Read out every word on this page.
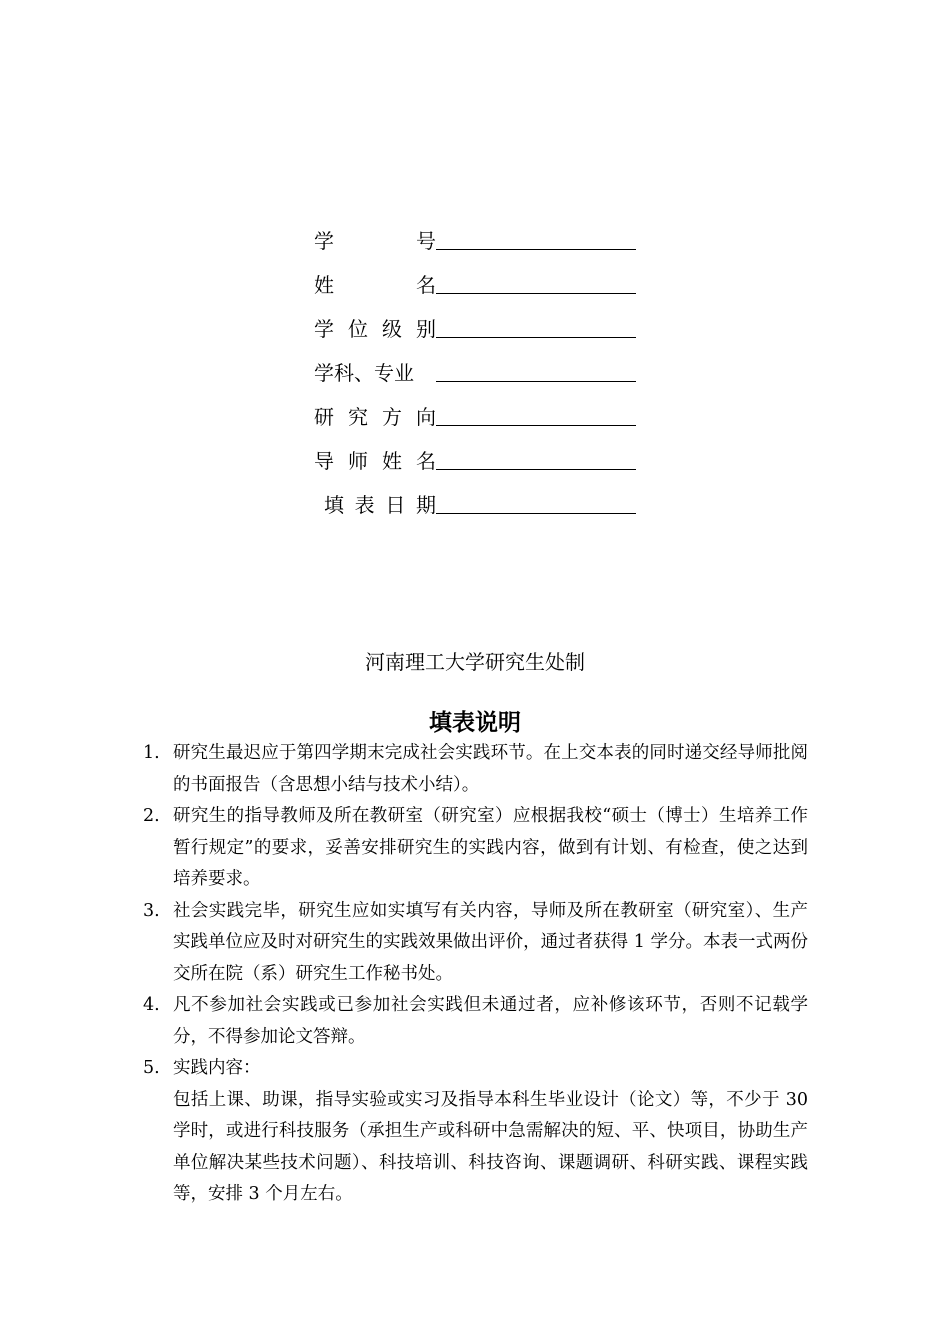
学	号
姓	名
学 位 级 别
学科、专业
研 究 方 向
导 师 姓 名
填 表 日 期
河南理工大学研究生处制
填表说明
1. 研究生最迟应于第四学期末完成社会实践环节。在上交本表的同时递交经导师批阅的书面报告（含思想小结与技术小结）。
2. 研究生的指导教师及所在教研室（研究室）应根据我校“硕士（博士）生培养工作暂行规定”的要求，妥善安排研究生的实践内容，做到有计划、有检查，使之达到培养要求。
3. 社会实践完毕，研究生应如实填写有关内容，导师及所在教研室（研究室）、生产实践单位应及时对研究生的实践效果做出评价，通过者获得 1 学分。本表一式两份交所在院（系）研究生工作秘书处。
4. 凡不参加社会实践或已参加社会实践但未通过者，应补修该环节，否则不记载学分，不得参加论文答辩。
5. 实践内容：
包括上课、助课，指导实验或实习及指导本科生毕业设计（论文）等，不少于 30 学时，或进行科技服务（承担生产或科研中急需解决的短、平、快项目，协助生产单位解决某些技术问题）、科技培训、科技咨询、课题调研、科研实践、课程实践等，安排 3 个月左右。
